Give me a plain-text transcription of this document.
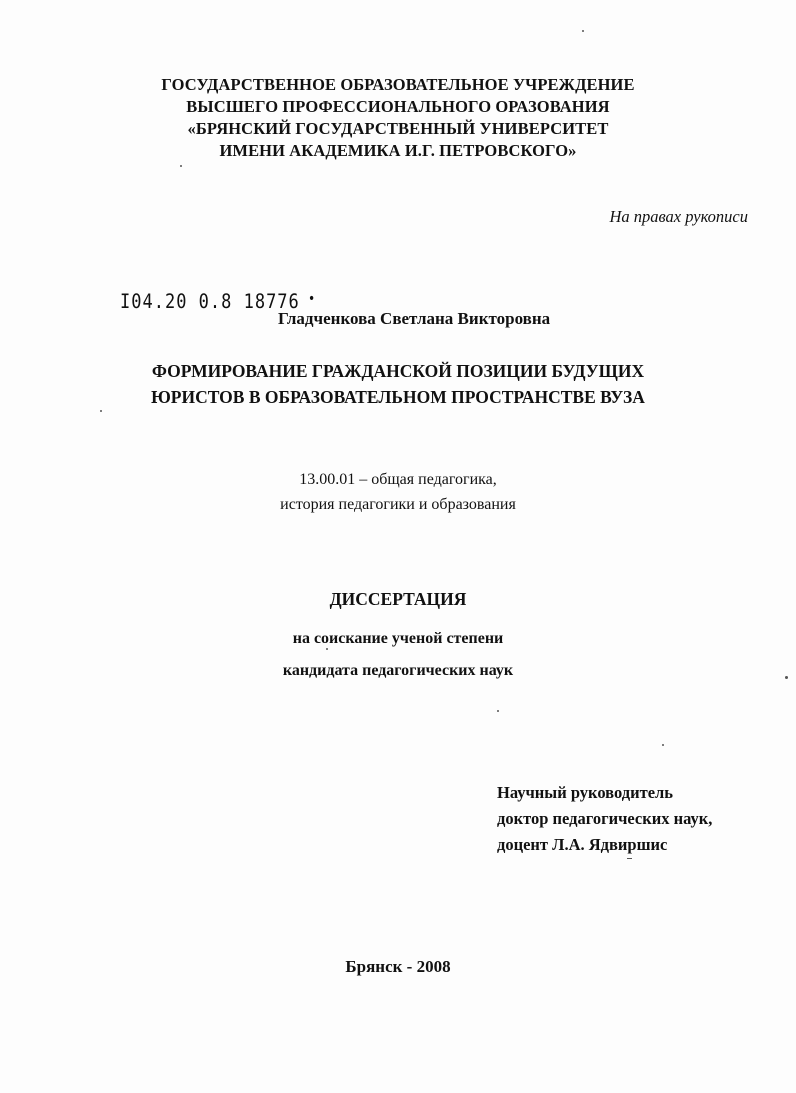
ГОСУДАРСТВЕННОЕ ОБРАЗОВАТЕЛЬНОЕ УЧРЕЖДЕНИЕ
ВЫСШЕГО ПРОФЕССИОНАЛЬНОГО ОРАЗОВАНИЯ
«БРЯНСКИЙ ГОСУДАРСТВЕННЫЙ УНИВЕРСИТЕТ
ИМЕНИ АКАДЕМИКА И.Г. ПЕТРОВСКОГО»
На правах рукописи
I04.20 0.8 18776 •
Гладченкова Светлана Викторовна
ФОРМИРОВАНИЕ ГРАЖДАНСКОЙ ПОЗИЦИИ БУДУЩИХ
ЮРИСТОВ В ОБРАЗОВАТЕЛЬНОМ ПРОСТРАНСТВЕ ВУЗА
13.00.01 – общая педагогика,
история педагогики и образования
ДИССЕРТАЦИЯ
на соискание ученой степени
кандидата педагогических наук
Научный руководитель
доктор педагогических наук,
доцент Л.А. Ядвиршис
Брянск - 2008
